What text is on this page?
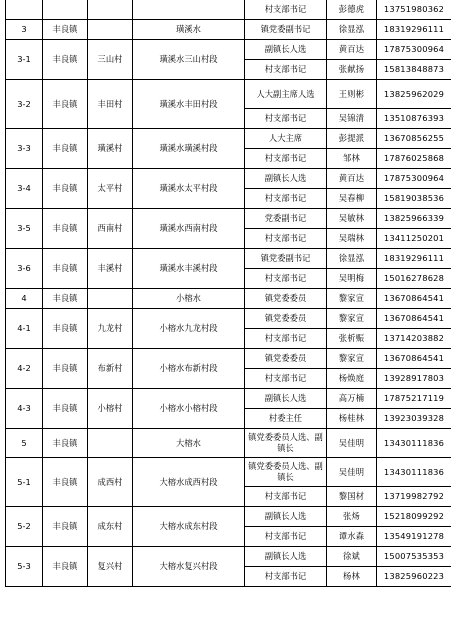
				村支部书记	彭德虎	13751980362
3	丰良镇		璜溪水	镇党委副书记	徐显泓	18319296111
3-1	丰良镇	三山村	璜溪水三山村段	副镇长人选	黄百达	17875300964
				村支部书记	张献扬	15813848873
3-2	丰良镇	丰田村	璜溪水丰田村段	人大副主席人选	王则彬	13825962029
				村支部书记	吴锦清	13510876393
3-3	丰良镇	璜溪村	璜溪水璜溪村段	人大主席	彭提派	13670856255
				村支部书记	邹林	17876025868
3-4	丰良镇	太平村	璜溪水太平村段	副镇长人选	黄百达	17875300964
				村支部书记	吴春柳	15819038536
3-5	丰良镇	西南村	璜溪水西南村段	党委副书记	吴敏林	13825966339
				村支部书记	吴瑞林	13411250201
3-6	丰良镇	丰溪村	璜溪水丰溪村段	镇党委副书记	徐显泓	18319296111
				村支部书记	吴明梅	15016278628
4	丰良镇		小榕水	镇党委委员	黎家宣	13670864541
4-1	丰良镇	九龙村	小榕水九龙村段	镇党委委员	黎家宣	13670864541
				村支部书记	张析赈	13714203882
4-2	丰良镇	布新村	小榕水布新村段	镇党委委员	黎家宣	13670864541
				村支部书记	杨焕庭	13928917803
4-3	丰良镇	小榕村	小榕水小榕村段	副镇长人选	高万楠	17875217119
				村委主任	杨桂林	13923039328
5	丰良镇		大榕水	镇党委委员人选、副镇长	吴佳明	13430111836
5-1	丰良镇	成西村	大榕水成西村段	镇党委委员人选、副镇长	吴佳明	13430111836
				村支部书记	黎国材	13719982792
5-2	丰良镇	成东村	大榕水成东村段	副镇长人选	张炀	15218099292
				村支部书记	谭水森	13549191278
5-3	丰良镇	复兴村	大榕水复兴村段	副镇长人选	徐斌	15007535353
				村支部书记	杨林	13825960223
